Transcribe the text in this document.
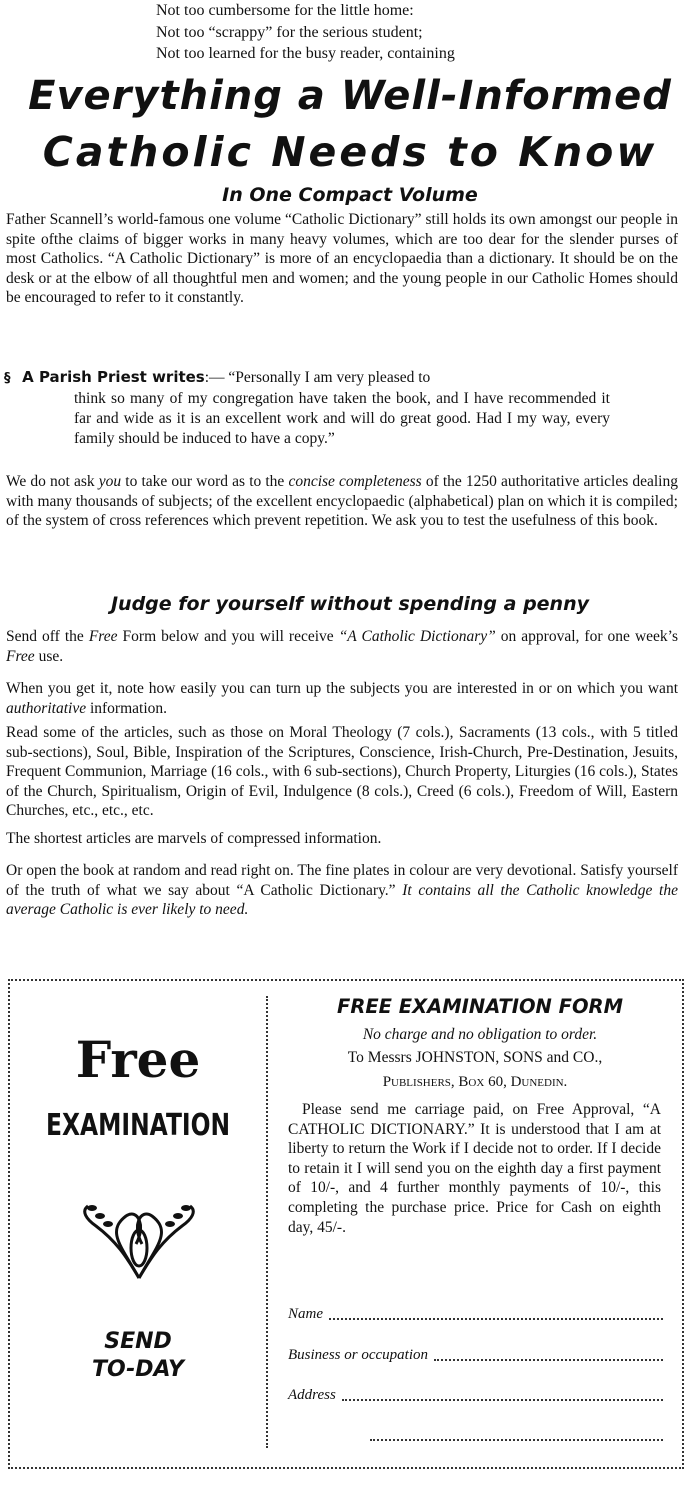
Not too cumbersome for the little home:
Not too “scrappy” for the serious student;
Not too learned for the busy reader, containing
Everything a Well-Informed
Catholic Needs to Know
In One Compact Volume
Father Scannell’s world-famous one volume “Catholic Dictionary” still holds its own amongst our people in spite ofthe claims of bigger works in many heavy volumes, which are too dear for the slender purses of most Catholics. “A Catholic Dictionary” is more of an encyclopaedia than a dictionary. It should be on the desk or at the elbow of all thoughtful men and women; and the young people in our Catholic Homes should be encouraged to refer to it constantly.
§ A Parish Priest writes:— “Personally I am very pleased to
think so many of my congregation have taken the book, and I have recommended it far and wide as it is an excellent work and will do great good. Had I my way, every family should be induced to have a copy.”
We do not ask you to take our word as to the concise completeness of the 1250 authoritative articles dealing with many thousands of subjects; of the excellent encyclopaedic (alphabetical) plan on which it is compiled; of the system of cross references which prevent repetition. We ask you to test the usefulness of this book.
Judge for yourself without spending a penny
Send off the Free Form below and you will receive “A Catholic Dictionary” on approval, for one week’s Free use.
When you get it, note how easily you can turn up the subjects you are interested in or on which you want authoritative information.
Read some of the articles, such as those on Moral Theology (7 cols.), Sacraments (13 cols., with 5 titled sub-sections), Soul, Bible, Inspiration of the Scriptures, Conscience, Irish-Church, Pre-Destination, Jesuits, Frequent Communion, Marriage (16 cols., with 6 sub-sections), Church Property, Liturgies (16 cols.), States of the Church, Spiritualism, Origin of Evil, Indulgence (8 cols.), Creed (6 cols.), Freedom of Will, Eastern Churches, etc., etc., etc.
The shortest articles are marvels of compressed information.
Or open the book at random and read right on. The fine plates in colour are very devotional. Satisfy yourself of the truth of what we say about “A Catholic Dictionary.” It contains all the Catholic knowledge the average Catholic is ever likely to need.
Free
EXAMINATION
SEND
TO-DAY
FREE EXAMINATION FORM
No charge and no obligation to order.
To Messrs JOHNSTON, SONS and CO.,
Publishers, Box 60, Dunedin.
Please send me carriage paid, on Free Approval, “A CATHOLIC DICTIONARY.” It is understood that I am at liberty to return the Work if I decide not to order. If I decide to retain it I will send you on the eighth day a first payment of 10/-, and 4 further monthly payments of 10/-, this completing the purchase price. Price for Cash on eighth day, 45/-.
Name
Business or occupation
Address
